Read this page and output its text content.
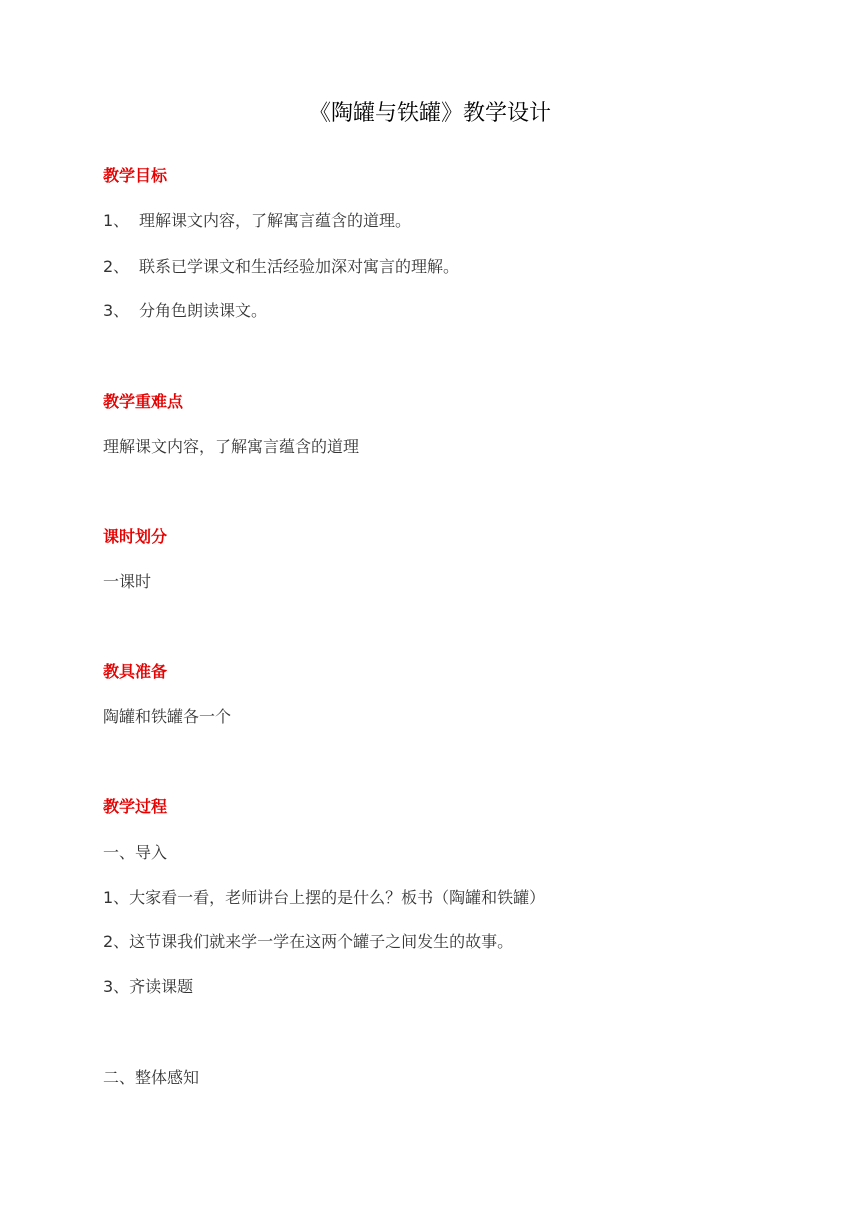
《陶罐与铁罐》教学设计
教学目标
1、 理解课文内容，了解寓言蕴含的道理。
2、 联系已学课文和生活经验加深对寓言的理解。
3、 分角色朗读课文。
教学重难点
理解课文内容，了解寓言蕴含的道理
课时划分
一课时
教具准备
陶罐和铁罐各一个
教学过程
一、导入
1、大家看一看，老师讲台上摆的是什么？板书（陶罐和铁罐）
2、这节课我们就来学一学在这两个罐子之间发生的故事。
3、齐读课题
二、整体感知
